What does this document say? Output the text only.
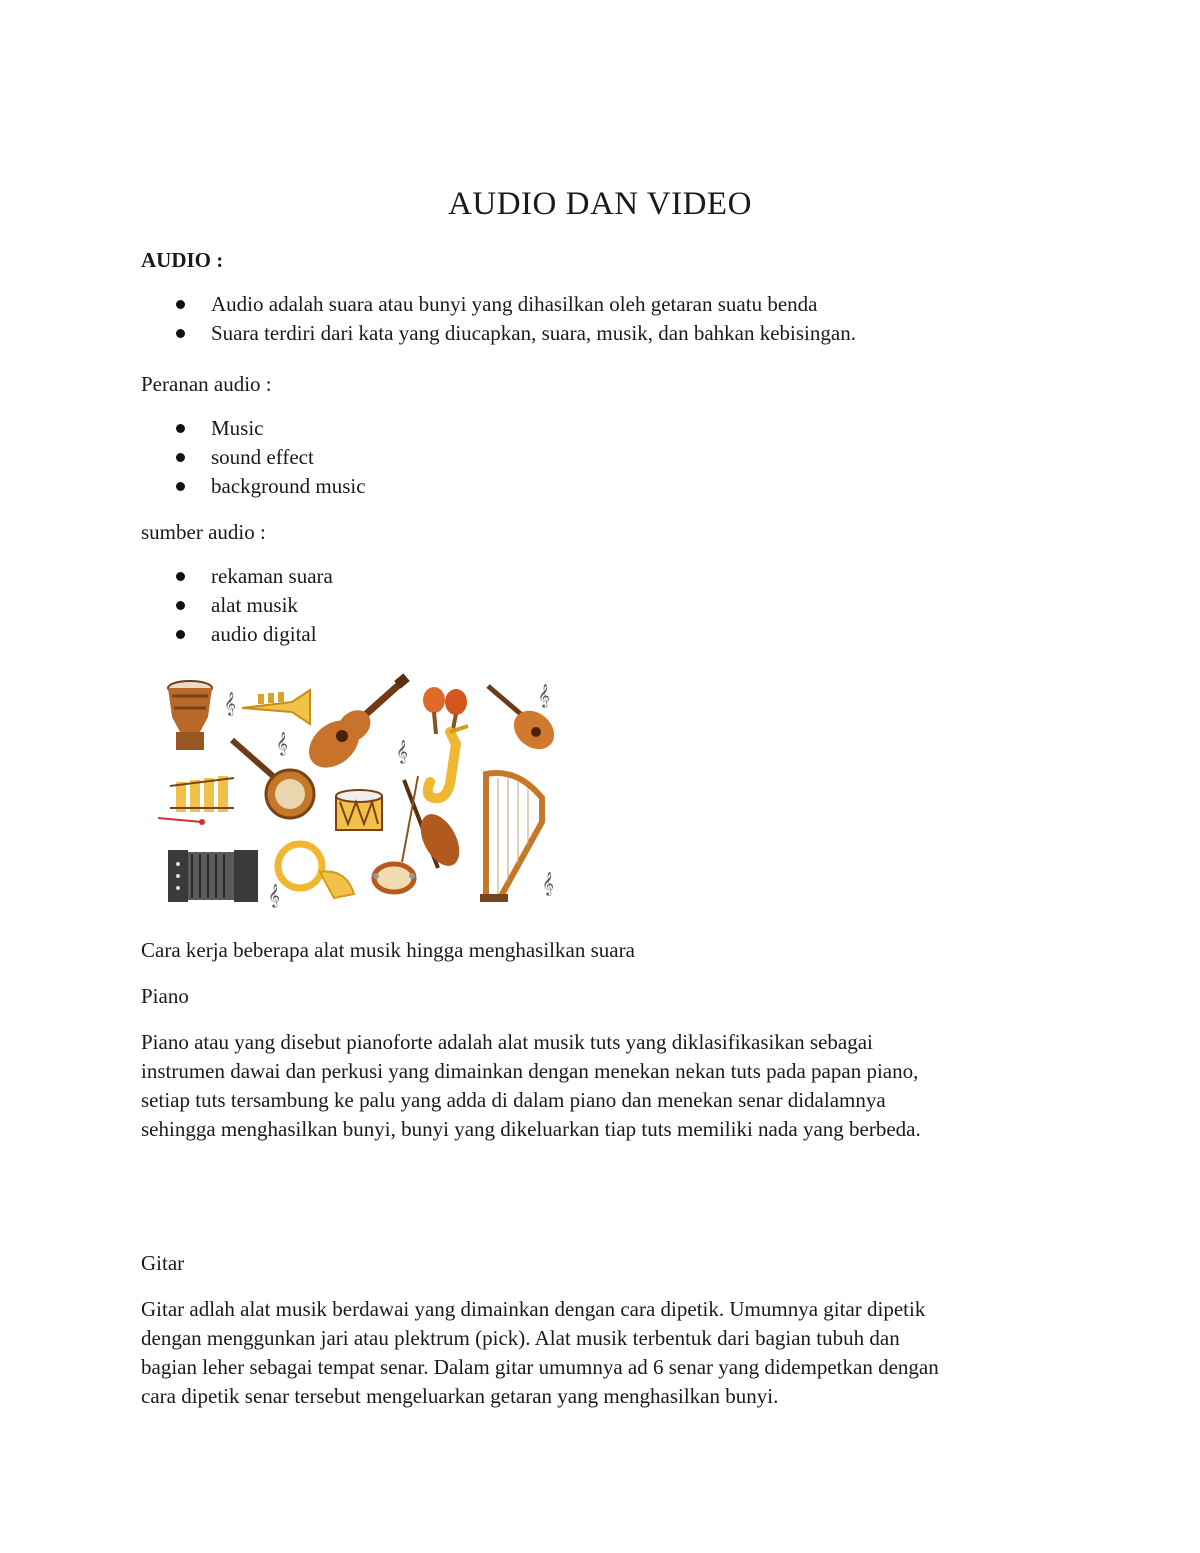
AUDIO DAN VIDEO

AUDIO :

Audio adalah suara atau bunyi yang dihasilkan oleh getaran suatu benda
Suara terdiri dari kata yang diucapkan, suara, musik, dan bahkan kebisingan.

Peranan audio :

Music
sound effect
background music

sumber audio :

rekaman suara
alat musik
audio digital
𝄞
𝄞	𝄞
𝄞
𝄞	𝄞

Cara kerja beberapa alat musik hingga menghasilkan suara

Piano

Piano atau yang disebut pianoforte adalah alat musik tuts yang diklasifikasikan sebagai
instrumen dawai dan perkusi yang dimainkan dengan menekan nekan tuts pada papan piano,
setiap tuts tersambung ke palu yang adda di dalam piano dan menekan senar didalamnya
sehingga menghasilkan bunyi, bunyi yang dikeluarkan tiap tuts memiliki nada yang berbeda.

Gitar

Gitar adlah alat musik berdawai yang dimainkan dengan cara dipetik. Umumnya gitar dipetik
dengan menggunkan jari atau plektrum (pick). Alat musik terbentuk dari bagian tubuh dan
bagian leher sebagai tempat senar. Dalam gitar umumnya ad 6 senar yang didempetkan dengan
cara dipetik senar tersebut mengeluarkan getaran yang menghasilkan bunyi.
